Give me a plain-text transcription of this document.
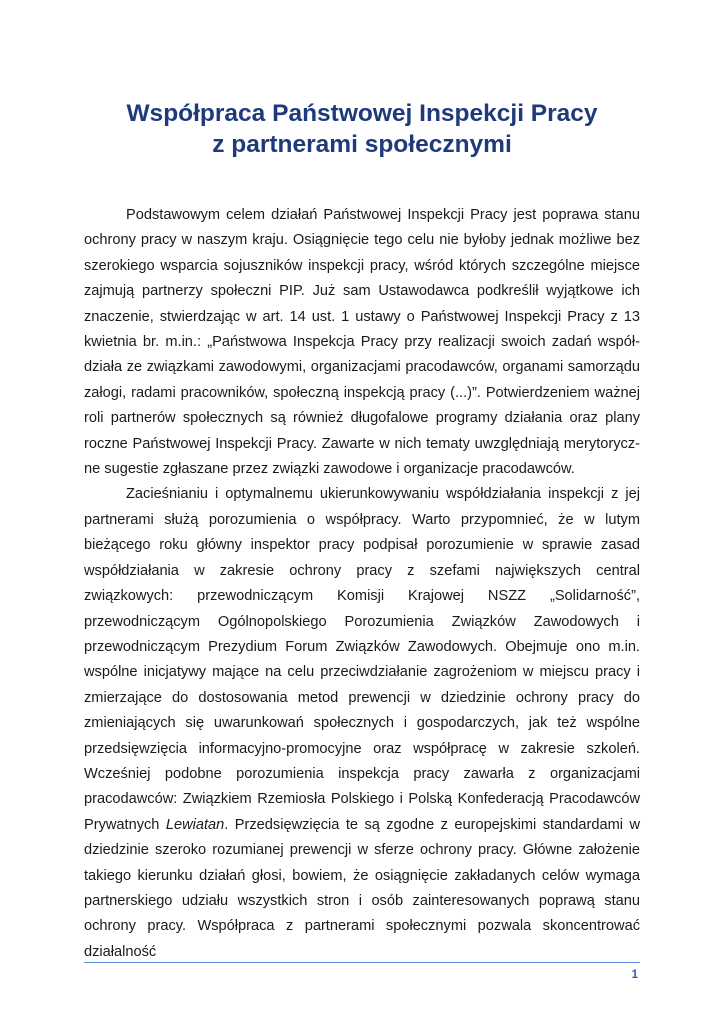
Współpraca Państwowej Inspekcji Pracy
z partnerami społecznymi

Podstawowym celem działań Państwowej Inspekcji Pracy jest poprawa stanu ochrony pracy w naszym kraju. Osiągnięcie tego celu nie byłoby jednak możliwe bez szerokiego wsparcia sojuszników inspekcji pracy, wśród których szczególne miejsce zajmują partnerzy społeczni PIP. Już sam Ustawodawca podkreślił wyjątkowe ich znaczenie, stwierdzając w art. 14 ust. 1 ustawy o Państwowej Inspekcji Pracy z 13 kwietnia br. m.in.: „Państwowa Inspekcja Pracy przy realizacji swoich zadań współdziała ze związkami zawodowymi, organizacjami pracodawców, organami samorządu załogi, radami pracowników, społeczną inspekcją pracy (...)”. Potwierdzeniem ważnej roli partnerów społecznych są również długofalowe programy działania oraz plany roczne Państwowej Inspekcji Pracy. Zawarte w nich tematy uwzględniają merytoryczne sugestie zgłaszane przez związki zawodowe i organizacje pracodawców.

Zacieśnianiu i optymalnemu ukierunkowywaniu współdziałania inspekcji z jej partnerami służą porozumienia o współpracy. Warto przypomnieć, że w lutym bieżącego roku główny inspektor pracy podpisał porozumienie w sprawie zasad współdziałania w zakresie ochrony pracy z szefami największych central związkowych: przewodniczącym Komisji Krajowej NSZZ „Solidarność”, przewodniczącym Ogólnopolskiego Porozumienia Związków Zawodowych i przewodniczącym Prezydium Forum Związków Zawodowych. Obejmuje ono m.in. wspólne inicjatywy mające na celu przeciwdziałanie zagrożeniom w miejscu pracy i zmierzające do dostosowania metod prewencji w dziedzinie ochrony pracy do zmieniających się uwarunkowań społecznych i gospodarczych, jak też wspólne przedsięwzięcia informacyjno-promocyjne oraz współpracę w zakresie szkoleń. Wcześniej podobne porozumienia inspekcja pracy zawarła z organizacjami pracodawców: Związkiem Rzemiosła Polskiego i Polską Konfederacją Pracodawców Prywatnych Lewiatan. Przedsięwzięcia te są zgodne z europejskimi standardami w dziedzinie szeroko rozumianej prewencji w sferze ochrony pracy. Główne założenie takiego kierunku działań głosi, bowiem, że osiągnięcie zakładanych celów wymaga partnerskiego udziału wszystkich stron i osób zainteresowanych poprawą stanu ochrony pracy. Współpraca z partnerami społecznymi pozwala skoncentrować działalność

1
